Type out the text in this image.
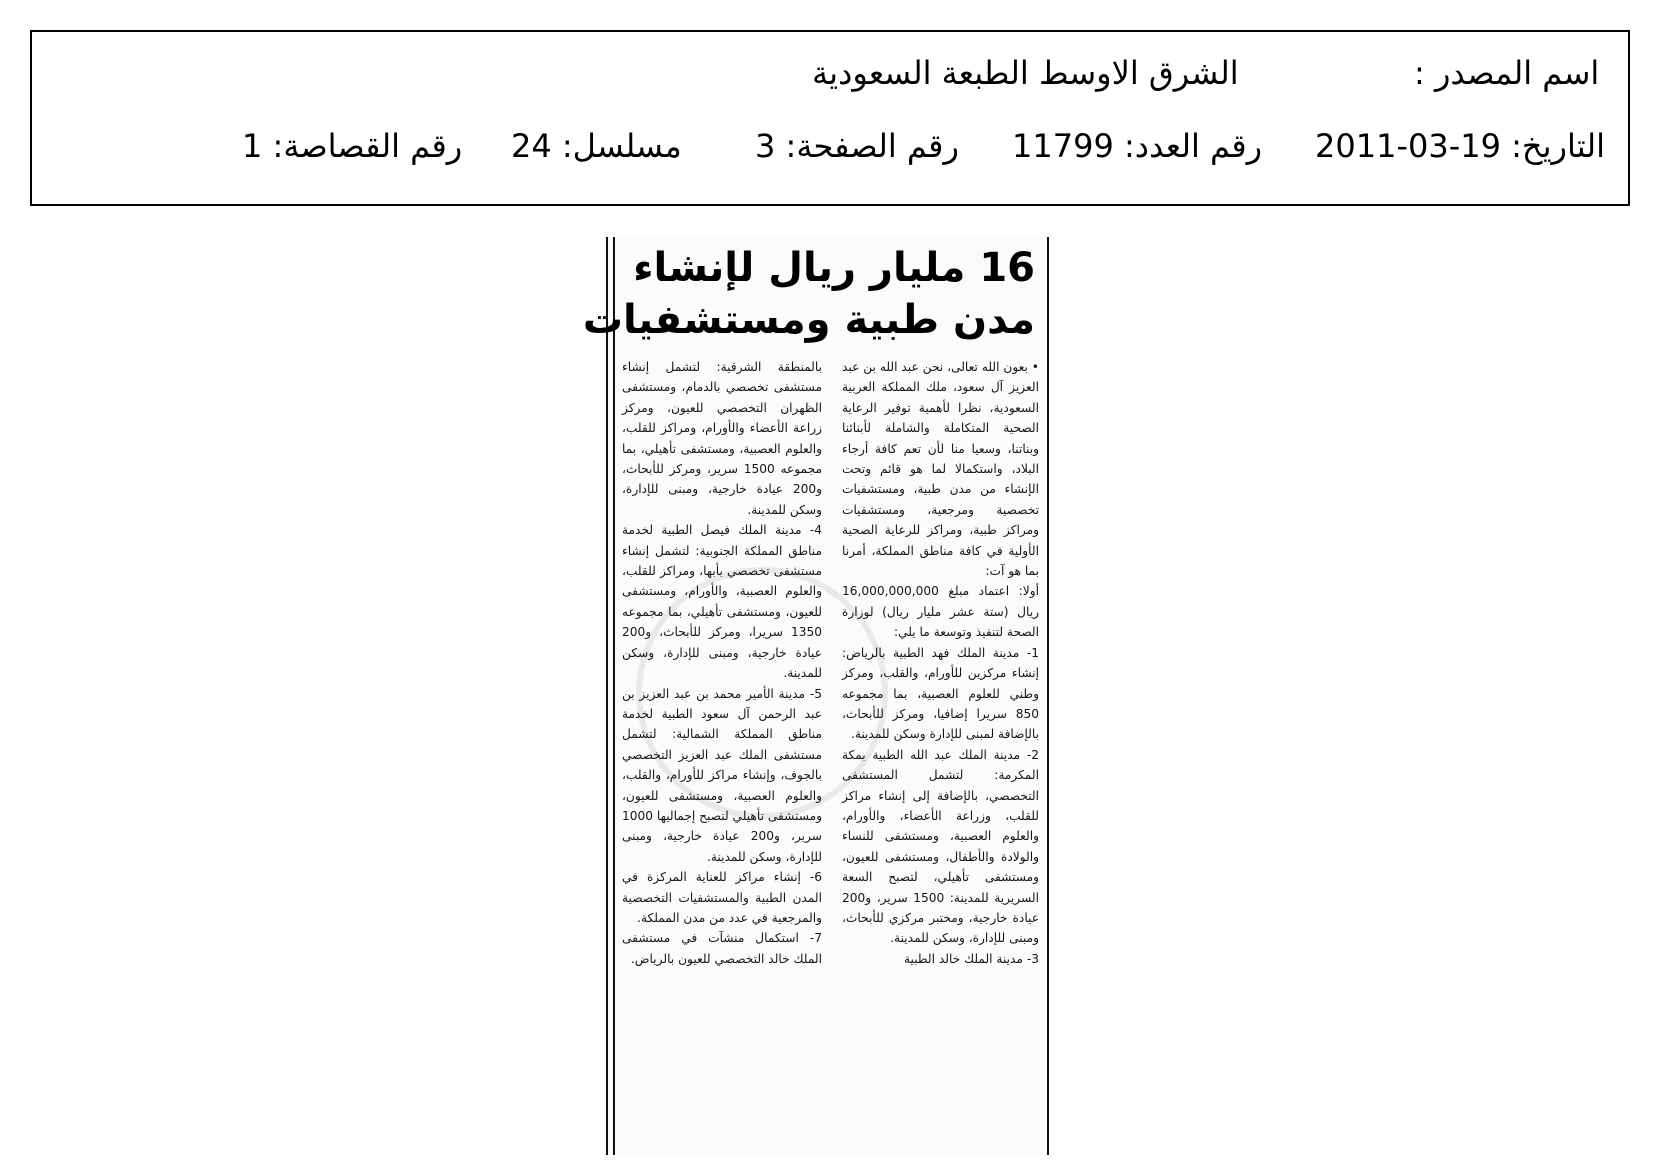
اسم المصدر :
الشرق الاوسط الطبعة السعودية
التاريخ: 19-03-2011
رقم العدد: 11799
رقم الصفحة: 3
مسلسل: 24
رقم القصاصة: 1
16 مليار ريال لإنشاء
مدن طبية ومستشفيات

• بعون الله تعالى، نحن عبد الله بن عبد العزيز آل سعود، ملك المملكة العربية السعودية، نظرا لأهمية توفير الرعاية الصحية المتكاملة والشاملة لأبنائنا وبناتنا، وسعيا منا لأن تعم كافة أرجاء البلاد، واستكمالا لما هو قائم وتحت الإنشاء من مدن طبية، ومستشفيات تخصصية ومرجعية، ومستشفيات ومراكز طبية، ومراكز للرعاية الصحية الأولية في كافة مناطق المملكة، أمرنا بما هو آت:

أولا: اعتماد مبلغ 16,000,000,000 ريال (ستة عشر مليار ريال) لوزارة الصحة لتنفيذ وتوسعة ما يلي:

1- مدينة الملك فهد الطبية بالرياض: إنشاء مركزين للأورام، والقلب، ومركز وطني للعلوم العصبية، بما مجموعه 850 سريرا إضافيا، ومركز للأبحاث، بالإضافة لمبنى للإدارة وسكن للمدينة.

2- مدينة الملك عبد الله الطبية بمكة المكرمة: لتشمل المستشفى التخصصي، بالإضافة إلى إنشاء مراكز للقلب، وزراعة الأعضاء، والأورام، والعلوم العصبية، ومستشفى للنساء والولادة والأطفال، ومستشفى للعيون، ومستشفى تأهيلي، لتصبح السعة السريرية للمدينة: 1500 سرير، و200 عيادة خارجية، ومختبر مركزي للأبحاث، ومبنى للإدارة، وسكن للمدينة.

3- مدينة الملك خالد الطبية

بالمنطقة الشرقية: لتشمل إنشاء مستشفى تخصصي بالدمام، ومستشفى الظهران التخصصي للعيون، ومركز زراعة الأعضاء والأورام، ومراكز للقلب، والعلوم العصبية، ومستشفى تأهيلي، بما مجموعه 1500 سرير، ومركز للأبحاث، و200 عيادة خارجية، ومبنى للإدارة، وسكن للمدينة.

4- مدينة الملك فيصل الطبية لخدمة مناطق المملكة الجنوبية: لتشمل إنشاء مستشفى تخصصي بأبها، ومراكز للقلب، والعلوم العصبية، والأورام، ومستشفى للعيون، ومستشفى تأهيلي، بما مجموعه 1350 سريرا، ومركز للأبحاث، و200 عيادة خارجية، ومبنى للإدارة، وسكن للمدينة.

5- مدينة الأمير محمد بن عبد العزيز بن عبد الرحمن آل سعود الطبية لخدمة مناطق المملكة الشمالية: لتشمل مستشفى الملك عبد العزيز التخصصي بالجوف، وإنشاء مراكز للأورام، والقلب، والعلوم العصبية، ومستشفى للعيون، ومستشفى تأهيلي لتصبح إجماليها 1000 سرير، و200 عيادة خارجية، ومبنى للإدارة، وسكن للمدينة.

6- إنشاء مراكز للعناية المركزة في المدن الطبية والمستشفيات التخصصية والمرجعية في عدد من مدن المملكة.

7- استكمال منشآت في مستشفى الملك خالد التخصصي للعيون بالرياض.
